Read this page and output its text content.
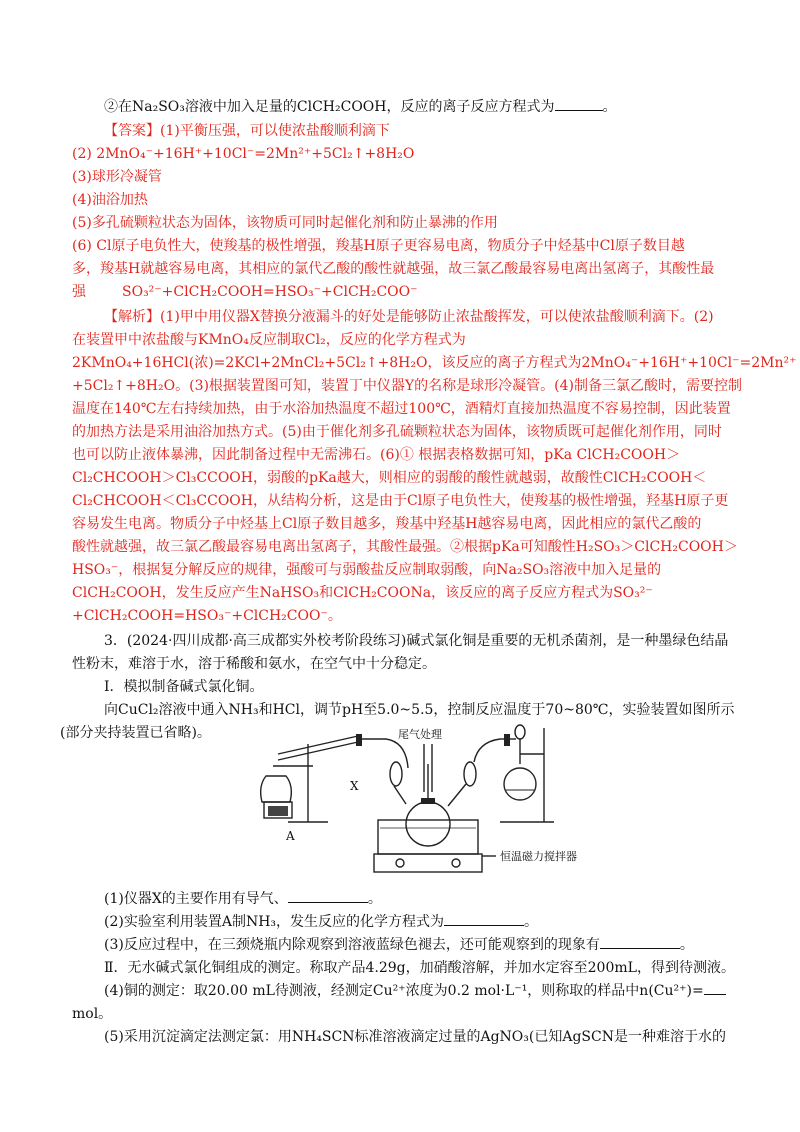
②在Na₂SO₃溶液中加入足量的ClCH₂COOH，反应的离子反应方程式为	。
【答案】(1)平衡压强，可以使浓盐酸顺利滴下
(2) 2MnO₄⁻+16H⁺+10Cl⁻=2Mn²⁺+5Cl₂↑+8H₂O
(3)球形冷凝管
(4)油浴加热
(5)多孔硫颗粒状态为固体，该物质可同时起催化剂和防止暴沸的作用
(6) Cl原子电负性大，使羧基的极性增强，羧基H原子更容易电离，物质分子中烃基中Cl原子数目越
多，羧基H就越容易电离，其相应的氯代乙酸的酸性就越强，故三氯乙酸最容易电离出氢离子，其酸性最
强	SO₃²⁻+ClCH₂COOH=HSO₃⁻+ClCH₂COO⁻
【解析】(1)甲中用仪器X替换分液漏斗的好处是能够防止浓盐酸挥发，可以使浓盐酸顺利滴下。(2)
在装置甲中浓盐酸与KMnO₄反应制取Cl₂，反应的化学方程式为
2KMnO₄+16HCl(浓)=2KCl+2MnCl₂+5Cl₂↑+8H₂O，该反应的离子方程式为2MnO₄⁻+16H⁺+10Cl⁻=2Mn²⁺
+5Cl₂↑+8H₂O。(3)根据装置图可知，装置丁中仪器Y的名称是球形冷凝管。(4)制备三氯乙酸时，需要控制
温度在140℃左右持续加热，由于水浴加热温度不超过100℃，酒精灯直接加热温度不容易控制，因此装置
的加热方法是采用油浴加热方式。(5)由于催化剂多孔硫颗粒状态为固体，该物质既可起催化剂作用，同时
也可以防止液体暴沸，因此制备过程中无需沸石。(6)① 根据表格数据可知，pKa ClCH₂COOH＞
Cl₂CHCOOH＞Cl₃CCOOH，弱酸的pKa越大，则相应的弱酸的酸性就越弱，故酸性ClCH₂COOH＜
Cl₂CHCOOH＜Cl₃CCOOH，从结构分析，这是由于Cl原子电负性大，使羧基的极性增强，羟基H原子更
容易发生电离。物质分子中烃基上Cl原子数目越多，羧基中羟基H越容易电离，因此相应的氯代乙酸的
酸性就越强，故三氯乙酸最容易电离出氢离子，其酸性最强。②根据pKa可知酸性H₂SO₃＞ClCH₂COOH＞
HSO₃⁻，根据复分解反应的规律，强酸可与弱酸盐反应制取弱酸，向Na₂SO₃溶液中加入足量的
ClCH₂COOH，发生反应产生NaHSO₃和ClCH₂COONa，该反应的离子反应方程式为SO₃²⁻
+ClCH₂COOH=HSO₃⁻+ClCH₂COO⁻。
3．(2024·四川成都·高三成都实外校考阶段练习)碱式氯化铜是重要的无机杀菌剂，是一种墨绿色结晶
性粉末，难溶于水，溶于稀酸和氨水，在空气中十分稳定。
Ⅰ．模拟制备碱式氯化铜。
向CuCl₂溶液中通入NH₃和HCl，调节pH至5.0~5.5，控制反应温度于70~80℃，实验装置如图所示
(部分夹持装置已省略)。	尾气处理
X
A
恒温磁力搅拌器
(1)仪器X的主要作用有导气、	。
(2)实验室利用装置A制NH₃，发生反应的化学方程式为	。
(3)反应过程中，在三颈烧瓶内除观察到溶液蓝绿色褪去，还可能观察到的现象有	。
Ⅱ．无水碱式氯化铜组成的测定。称取产品4.29g，加硝酸溶解，并加水定容至200mL，得到待测液。
(4)铜的测定：取20.00 mL待测液，经测定Cu²⁺浓度为0.2 mol·L⁻¹，则称取的样品中n(Cu²⁺)=
mol。
(5)采用沉淀滴定法测定氯：用NH₄SCN标准溶液滴定过量的AgNO₃(已知AgSCN是一种难溶于水的
